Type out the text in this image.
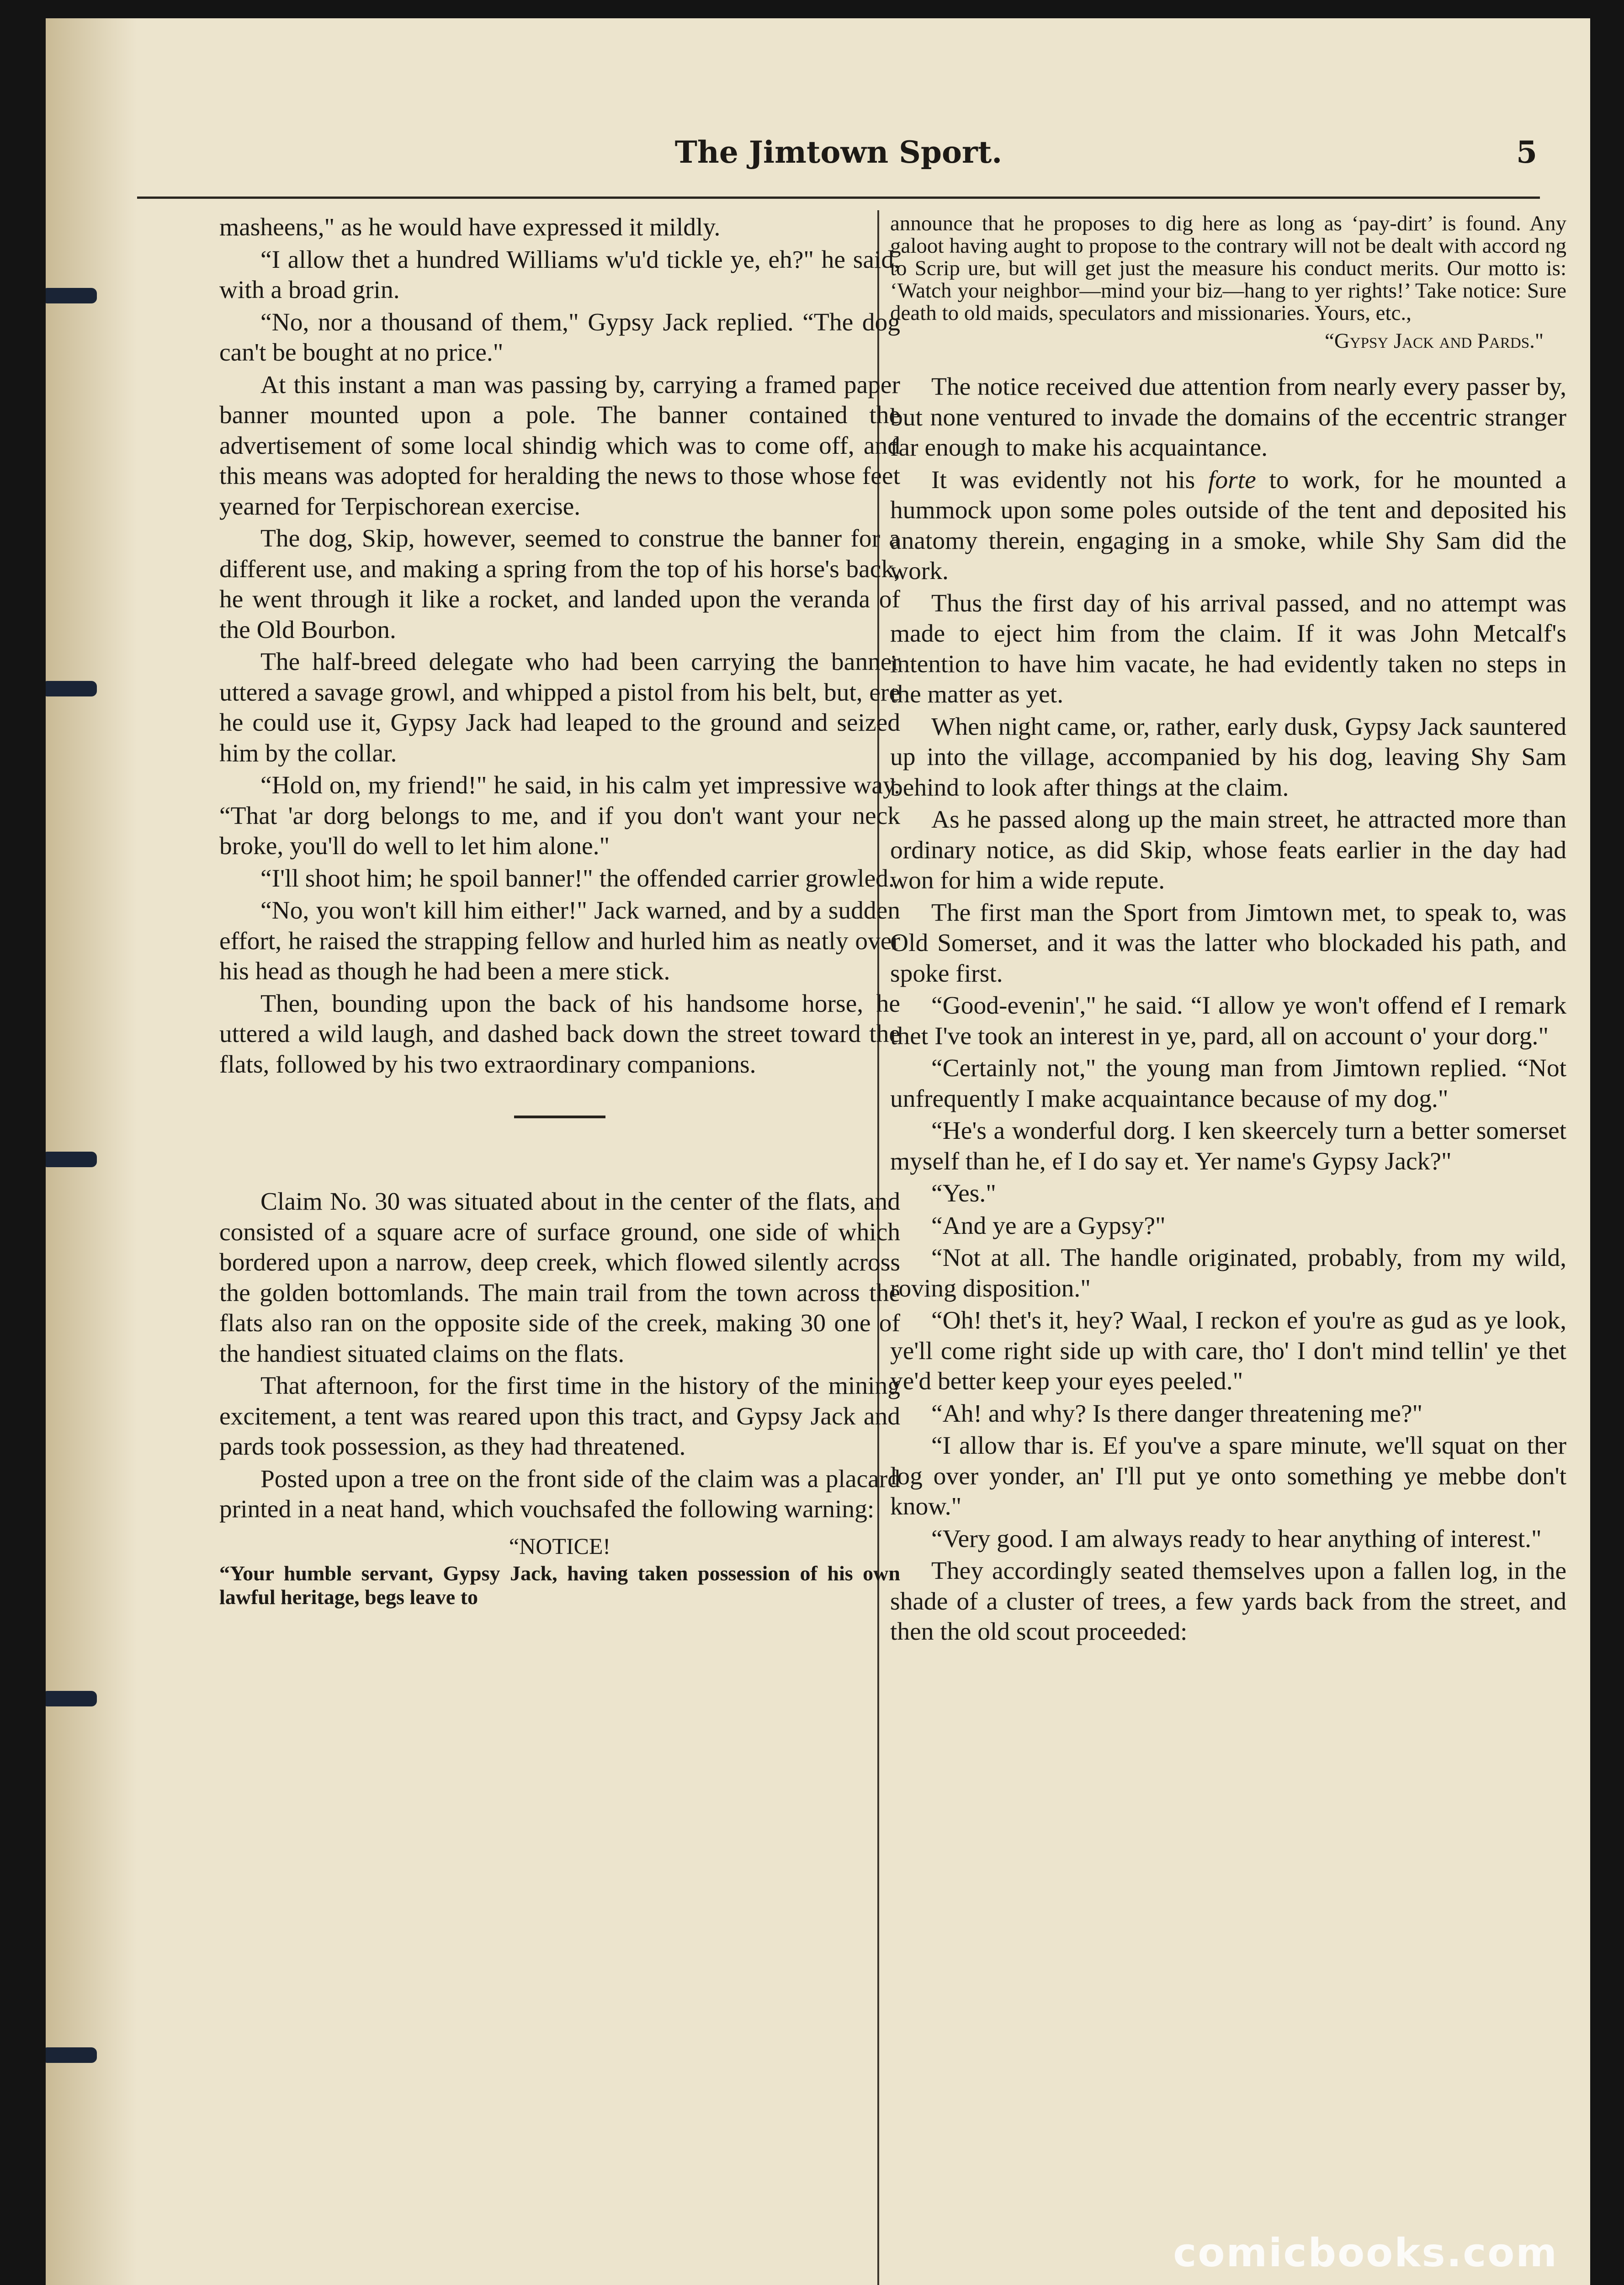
The Jimtown Sport.	5

masheens," as he would have expressed it mildly.

“I allow thet a hundred Williams w'u'd tickle ye, eh?" he said, with a broad grin.

“No, nor a thousand of them," Gypsy Jack replied. “The dog can't be bought at no price."

At this instant a man was passing by, carrying a framed paper banner mounted upon a pole. The banner contained the advertisement of some local shindig which was to come off, and this means was adopted for heralding the news to those whose feet yearned for Terpischorean exercise.

The dog, Skip, however, seemed to construe the banner for a different use, and making a spring from the top of his horse's back, he went through it like a rocket, and landed upon the veranda of the Old Bourbon.

The half-breed delegate who had been carrying the banner uttered a savage growl, and whipped a pistol from his belt, but, ere he could use it, Gypsy Jack had leaped to the ground and seized him by the collar.

“Hold on, my friend!" he said, in his calm yet impressive way. “That 'ar dorg belongs to me, and if you don't want your neck broke, you'll do well to let him alone."

“I'll shoot him; he spoil banner!" the offended carrier growled.

“No, you won't kill him either!" Jack warned, and by a sudden effort, he raised the strapping fellow and hurled him as neatly over his head as though he had been a mere stick.

Then, bounding upon the back of his handsome horse, he uttered a wild laugh, and dashed back down the street toward the flats, followed by his two extraordinary companions.

Claim No. 30 was situated about in the center of the flats, and consisted of a square acre of surface ground, one side of which bordered upon a narrow, deep creek, which flowed silently across the golden bottomlands. The main trail from the town across the flats also ran on the opposite side of the creek, making 30 one of the handiest situated claims on the flats.

That afternoon, for the first time in the history of the mining excitement, a tent was reared upon this tract, and Gypsy Jack and pards took possession, as they had threatened.

Posted upon a tree on the front side of the claim was a placard printed in a neat hand, which vouchsafed the following warning:

“NOTICE!

“Your humble servant, Gypsy Jack, having taken possession of his own lawful heritage, begs leave to

announce that he proposes to dig here as long as ‘pay-dirt’ is found. Any galoot having aught to propose to the contrary will not be dealt with accord ng to Scrip ure, but will get just the measure his conduct merits. Our motto is: ‘Watch your neighbor—mind your biz—hang to yer rights!’ Take notice: Sure death to old maids, speculators and missionaries. Yours, etc.,

“Gypsy Jack and Pards."

The notice received due attention from nearly every passer by, but none ventured to invade the domains of the eccentric stranger far enough to make his acquaintance.

It was evidently not his forte to work, for he mounted a hummock upon some poles outside of the tent and deposited his anatomy therein, engaging in a smoke, while Shy Sam did the work.

Thus the first day of his arrival passed, and no attempt was made to eject him from the claim. If it was John Metcalf's intention to have him vacate, he had evidently taken no steps in the matter as yet.

When night came, or, rather, early dusk, Gypsy Jack sauntered up into the village, accompanied by his dog, leaving Shy Sam behind to look after things at the claim.

As he passed along up the main street, he attracted more than ordinary notice, as did Skip, whose feats earlier in the day had won for him a wide repute.

The first man the Sport from Jimtown met, to speak to, was Old Somerset, and it was the latter who blockaded his path, and spoke first.

“Good-evenin'," he said. “I allow ye won't offend ef I remark thet I've took an interest in ye, pard, all on account o' your dorg."

“Certainly not," the young man from Jimtown replied. “Not unfrequently I make acquaintance because of my dog."

“He's a wonderful dorg. I ken skeercely turn a better somerset myself than he, ef I do say et. Yer name's Gypsy Jack?"

“Yes."

“And ye are a Gypsy?"

“Not at all. The handle originated, probably, from my wild, roving disposition."

“Oh! thet's it, hey? Waal, I reckon ef you're as gud as ye look, ye'll come right side up with care, tho' I don't mind tellin' ye thet ye'd better keep your eyes peeled."

“Ah! and why? Is there danger threatening me?"

“I allow thar is. Ef you've a spare minute, we'll squat on ther log over yonder, an' I'll put ye onto something ye mebbe don't know."

“Very good. I am always ready to hear anything of interest."

They accordingly seated themselves upon a fallen log, in the shade of a cluster of trees, a few yards back from the street, and then the old scout proceeded:

comicbooks.com
